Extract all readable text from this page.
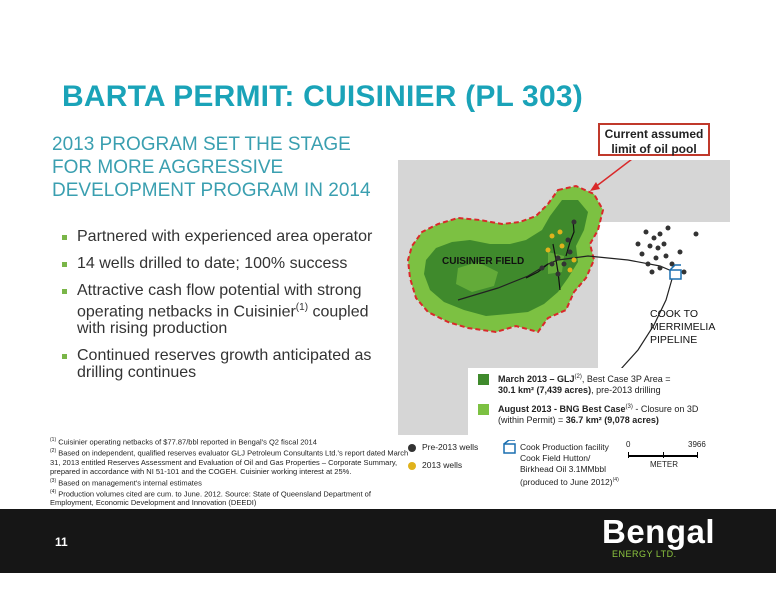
BARTA PERMIT: CUISINIER (PL 303)
2013 PROGRAM SET THE STAGE FOR MORE AGGRESSIVE DEVELOPMENT PROGRAM IN 2014
Partnered with experienced area operator
14 wells drilled to date; 100% success
Attractive cash flow potential with strong operating netbacks in Cuisinier$^{(1)}$ coupled with rising production
Continued reserves growth anticipated as drilling continues
Current assumed limit of oil pool
CUISINIER FIELD
COOK TO MERRIMELIA PIPELINE
March 2013 – GLJ$^{(2)}$, Best Case 3P Area =
30.1 km² (7,439 acres), pre-2013 drilling
August 2013 - BNG Best Case$^{(3)}$ - Closure on 3D
(within Permit) = 36.7 km² (9,078 acres)

$^{(1)}$ Cuisinier operating netbacks of $77.87/bbl reported in Bengal's Q2 fiscal 2014

$^{(2)}$ Based on independent, qualified reserves evaluator GLJ Petroleum Consultants Ltd.'s report dated March 31, 2013 entitled Reserves Assessment and Evaluation of Oil and Gas Properties – Corporate Summary, prepared in accordance with NI 51-101 and the COGEH. Cuisinier working interest at 25%.

$^{(3)}$ Based on management's internal estimates

$^{(4)}$ Production volumes cited are cum. to June. 2012. Source: State of Queensland Department of Employment, Economic Development and Innovation (DEEDI)

Pre-2013 wells
2013 wells
Cook Production facility
Cook Field Hutton/
Birkhead Oil 3.1MMbbl
(produced to June 2012)$^{(4)}$
0	3966
METER
11	Bengal
ENERGY LTD.
